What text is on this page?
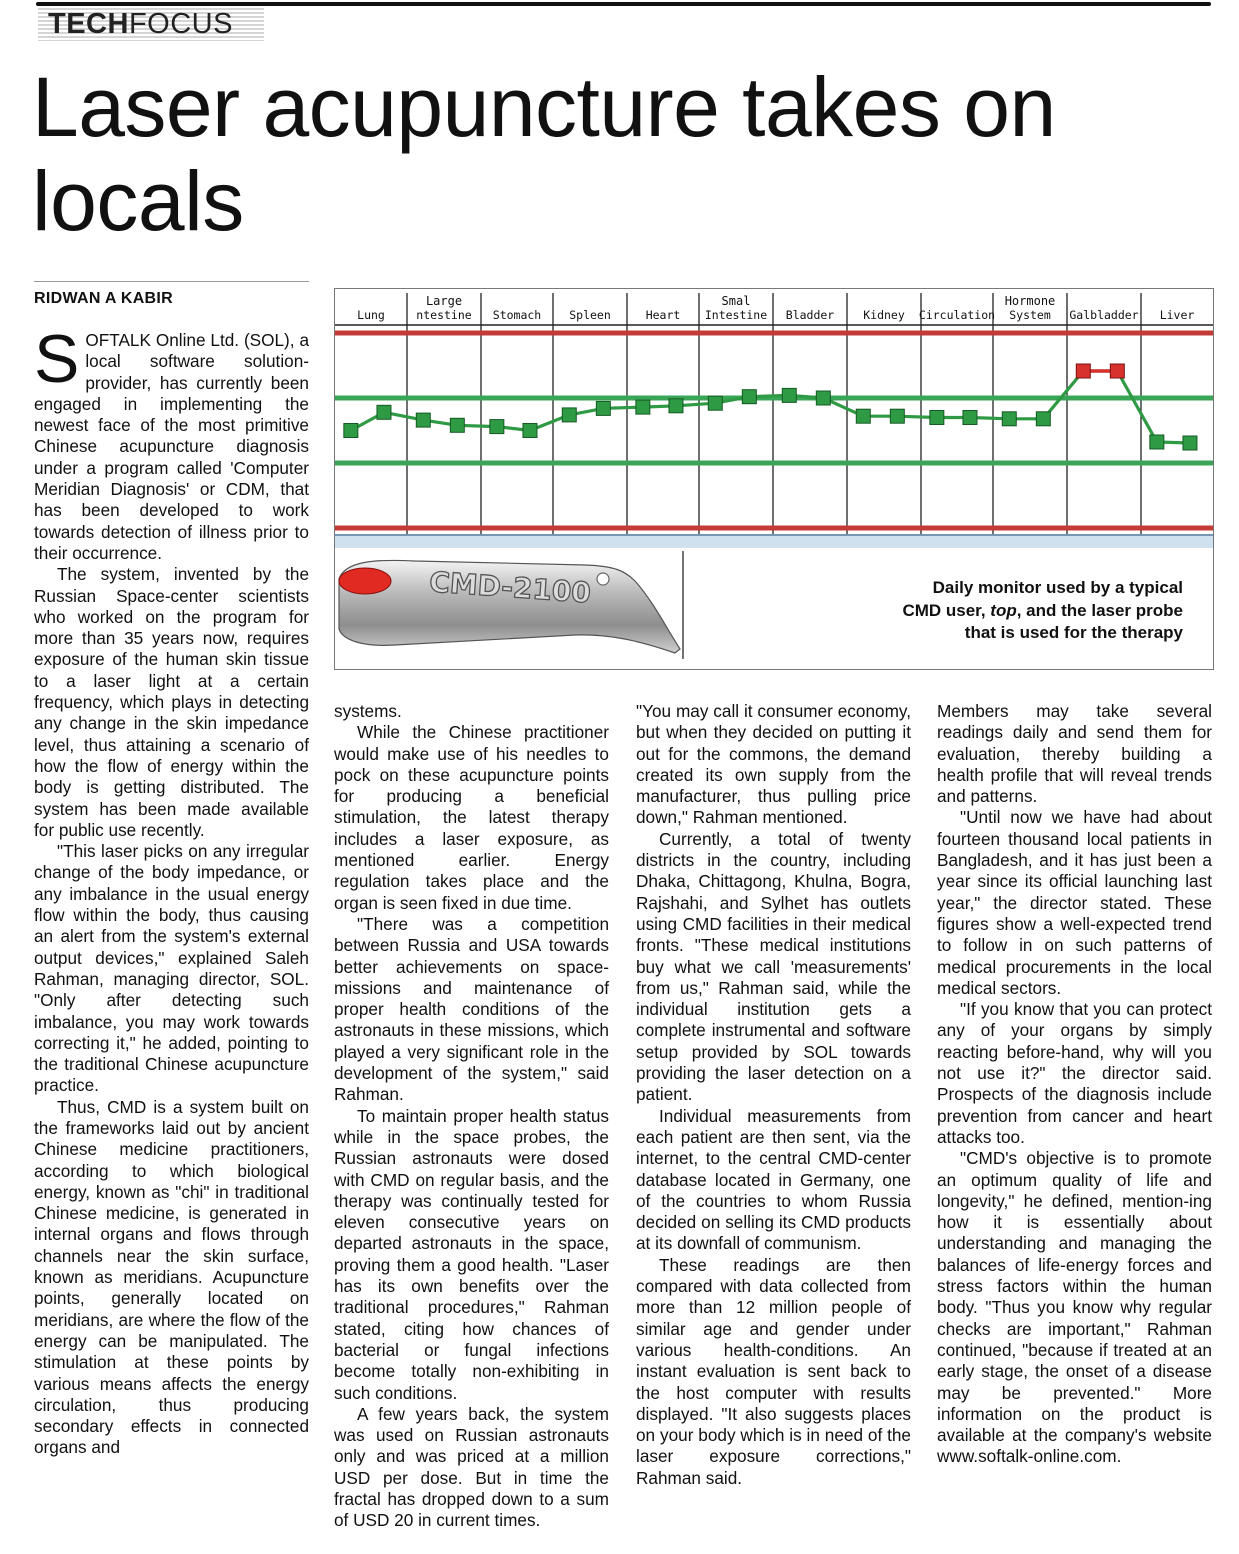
TECHFOCUS
Laser acupuncture takes on locals
RIDWAN A KABIR

SOFTALK Online Ltd. (SOL), a local software solution-provider, has currently been engaged in implementing the newest face of the most primitive Chinese acupuncture diagnosis under a program called 'Computer Meridian Diagnosis' or CDM, that has been developed to work towards detection of illness prior to their occurrence.

The system, invented by the Russian Space-center scientists who worked on the program for more than 35 years now, requires exposure of the human skin tissue to a laser light at a certain frequency, which plays in detecting any change in the skin impedance level, thus attaining a scenario of how the flow of energy within the body is getting distributed. The system has been made available for public use recently.

"This laser picks on any irregular change of the body impedance, or any imbalance in the usual energy flow within the body, thus causing an alert from the system's external output devices," explained Saleh Rahman, managing director, SOL. "Only after detecting such imbalance, you may work towards correcting it," he added, pointing to the traditional Chinese acupuncture practice.

Thus, CMD is a system built on the frameworks laid out by ancient Chinese medicine practitioners, according to which biological energy, known as "chi" in traditional Chinese medicine, is generated in internal organs and flows through channels near the skin surface, known as meridians. Acupuncture points, generally located on meridians, are where the flow of the energy can be manipulated. The stimulation at these points by various means affects the energy circulation, thus producing secondary effects in connected organs and

Lung
Large
ntestine Stomach Spleen	Heart
Smal
Intestine Bladder	Kidney Circulation
Hormone
System Galbladder Liver
CMD-2100	Daily monitor used by a typical
CMD user, top, and the laser probe
that is used for the therapy

systems.

While the Chinese practitioner would make use of his needles to pock on these acupuncture points for producing a beneficial stimulation, the latest therapy includes a laser exposure, as mentioned earlier. Energy regulation takes place and the organ is seen fixed in due time.

"There was a competition between Russia and USA towards better achievements on space-missions and maintenance of proper health conditions of the astronauts in these missions, which played a very significant role in the development of the system," said Rahman.

To maintain proper health status while in the space probes, the Russian astronauts were dosed with CMD on regular basis, and the therapy was continually tested for eleven consecutive years on departed astronauts in the space, proving them a good health. "Laser has its own benefits over the traditional procedures," Rahman stated, citing how chances of bacterial or fungal infections become totally non-exhibiting in such conditions.

A few years back, the system was used on Russian astronauts only and was priced at a million USD per dose. But in time the fractal has dropped down to a sum of USD 20 in current times.

"You may call it consumer economy, but when they decided on putting it out for the commons, the demand created its own supply from the manufacturer, thus pulling price down," Rahman mentioned.

Currently, a total of twenty districts in the country, including Dhaka, Chittagong, Khulna, Bogra, Rajshahi, and Sylhet has outlets using CMD facilities in their medical fronts. "These medical institutions buy what we call 'measurements' from us," Rahman said, while the individual institution gets a complete instrumental and software setup provided by SOL towards providing the laser detection on a patient.

Individual measurements from each patient are then sent, via the internet, to the central CMD-center database located in Germany, one of the countries to whom Russia decided on selling its CMD products at its downfall of communism.

These readings are then compared with data collected from more than 12 million people of similar age and gender under various health-conditions. An instant evaluation is sent back to the host computer with results displayed. "It also suggests places on your body which is in need of the laser exposure corrections," Rahman said.

Members may take several readings daily and send them for evaluation, thereby building a health profile that will reveal trends and patterns.

"Until now we have had about fourteen thousand local patients in Bangladesh, and it has just been a year since its official launching last year," the director stated. These figures show a well-expected trend to follow in on such patterns of medical procurements in the local medical sectors.

"If you know that you can protect any of your organs by simply reacting before-hand, why will you not use it?" the director said. Prospects of the diagnosis include prevention from cancer and heart attacks too.

"CMD's objective is to promote an optimum quality of life and longevity," he defined, mention-ing how it is essentially about understanding and managing the balances of life-energy forces and stress factors within the human body. "Thus you know why regular checks are important," Rahman continued, "because if treated at an early stage, the onset of a disease may be prevented." More information on the product is available at the company's website www.softalk-online.com.
